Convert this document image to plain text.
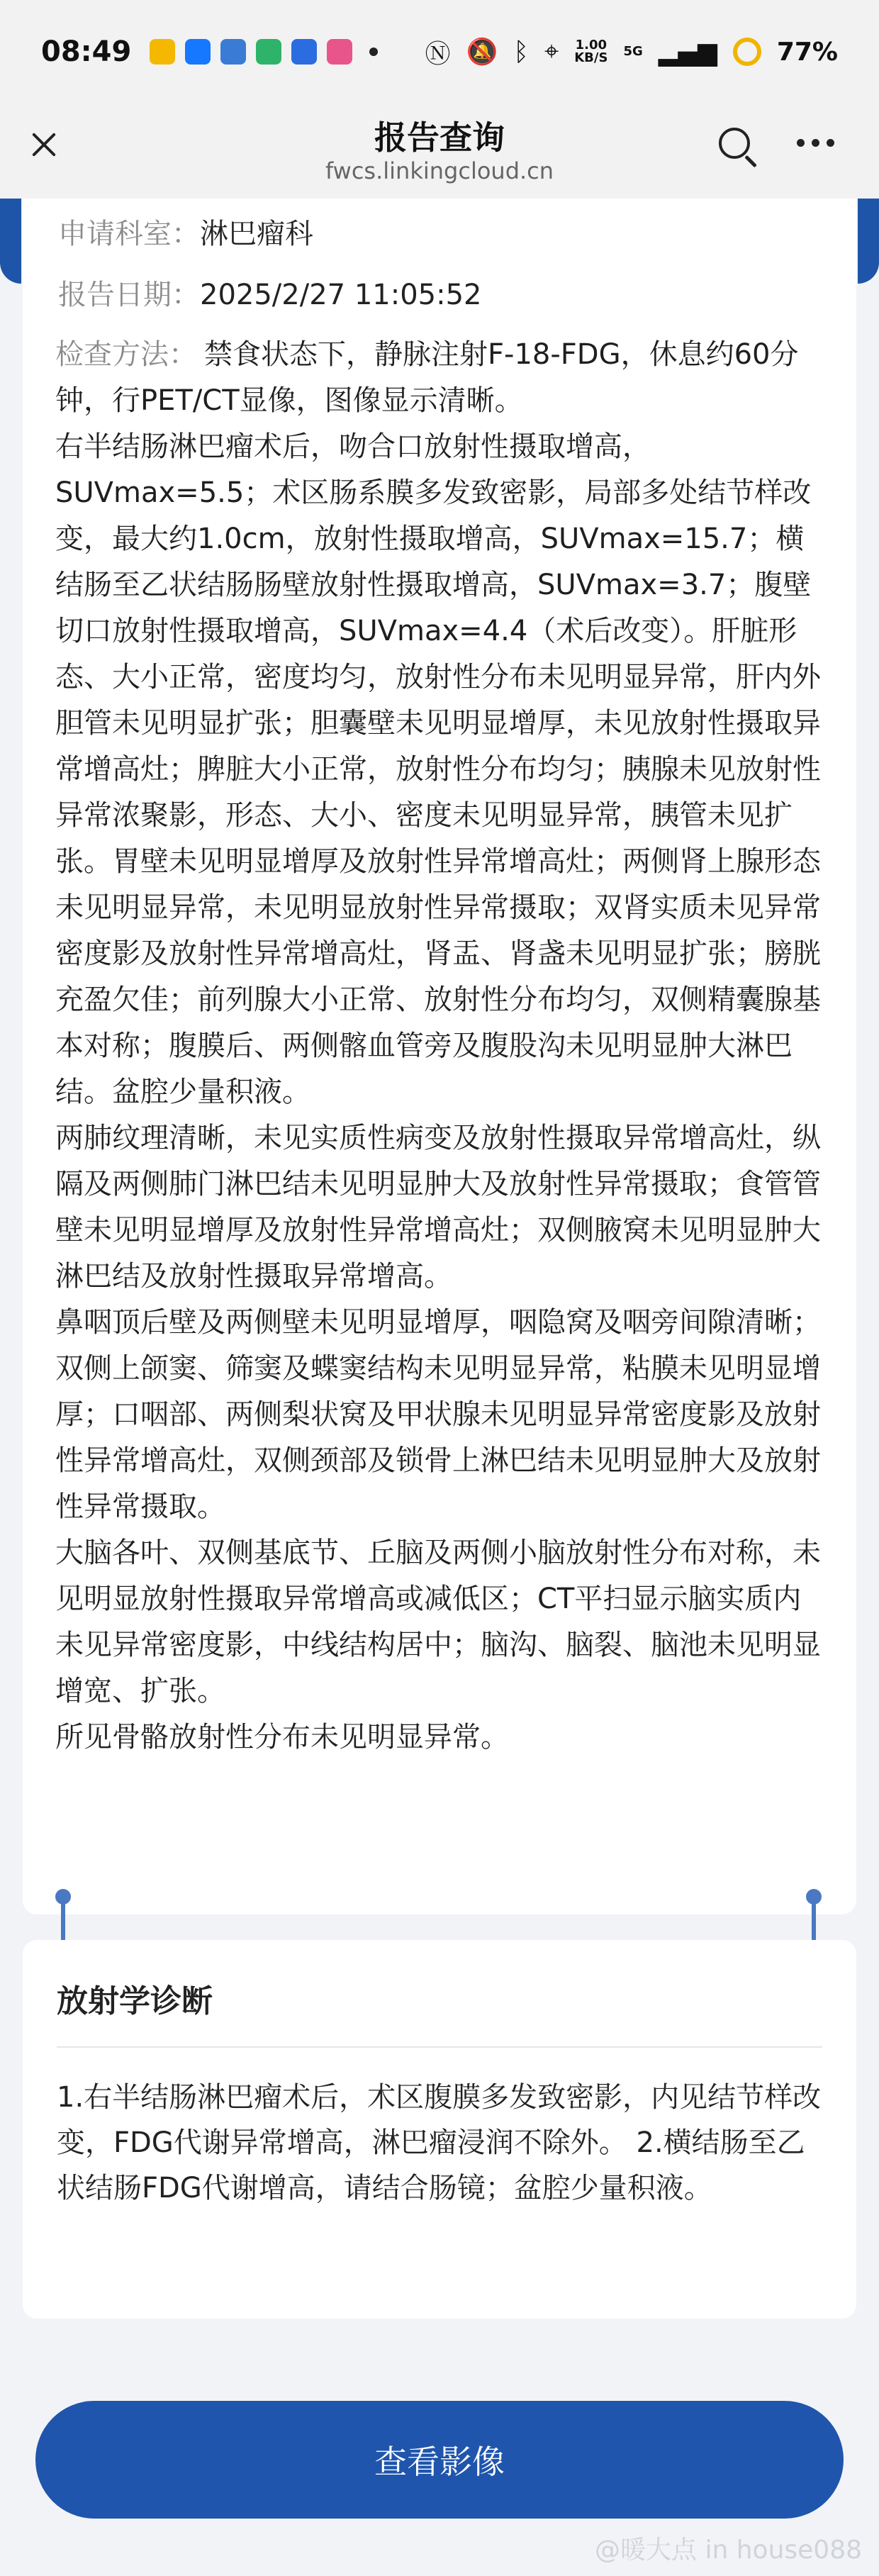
08:49	Ⓝ 🔕 ᛒ ⌖ 1.00
KB/S 5G ▂▄▆ 77%
报告查询
fwcs.linkingcloud.cn
申请科室：淋巴瘤科
报告日期：2025/2/27 11:05:52
检查方法： 禁食状态下，静脉注射F-18-FDG，休息约60分钟，行PET/CT显像，图像显示清晰。
右半结肠淋巴瘤术后，吻合口放射性摄取增高，SUVmax=5.5；术区肠系膜多发致密影，局部多处结节样改变，最大约1.0cm，放射性摄取增高，SUVmax=15.7；横结肠至乙状结肠肠壁放射性摄取增高，SUVmax=3.7；腹壁切口放射性摄取增高，SUVmax=4.4（术后改变）。肝脏形态、大小正常，密度均匀，放射性分布未见明显异常，肝内外胆管未见明显扩张；胆囊壁未见明显增厚，未见放射性摄取异常增高灶；脾脏大小正常，放射性分布均匀；胰腺未见放射性异常浓聚影，形态、大小、密度未见明显异常，胰管未见扩张。胃壁未见明显增厚及放射性异常增高灶；两侧肾上腺形态未见明显异常，未见明显放射性异常摄取；双肾实质未见异常密度影及放射性异常增高灶，肾盂、肾盏未见明显扩张；膀胱充盈欠佳；前列腺大小正常、放射性分布均匀，双侧精囊腺基本对称；腹膜后、两侧髂血管旁及腹股沟未见明显肿大淋巴结。盆腔少量积液。
两肺纹理清晰，未见实质性病变及放射性摄取异常增高灶，纵隔及两侧肺门淋巴结未见明显肿大及放射性异常摄取；食管管壁未见明显增厚及放射性异常增高灶；双侧腋窝未见明显肿大淋巴结及放射性摄取异常增高。
鼻咽顶后壁及两侧壁未见明显增厚，咽隐窝及咽旁间隙清晰；双侧上颌窦、筛窦及蝶窦结构未见明显异常，粘膜未见明显增厚；口咽部、两侧梨状窝及甲状腺未见明显异常密度影及放射性异常增高灶，双侧颈部及锁骨上淋巴结未见明显肿大及放射性异常摄取。
大脑各叶、双侧基底节、丘脑及两侧小脑放射性分布对称，未见明显放射性摄取异常增高或减低区；CT平扫显示脑实质内未见异常密度影，中线结构居中；脑沟、脑裂、脑池未见明显增宽、扩张。
所见骨骼放射性分布未见明显异常。
放射学诊断
1.右半结肠淋巴瘤术后，术区腹膜多发致密影，内见结节样改变，FDG代谢异常增高，淋巴瘤浸润不除外。 2.横结肠至乙状结肠FDG代谢增高，请结合肠镜；盆腔少量积液。
查看影像
@暖大点 in house088
